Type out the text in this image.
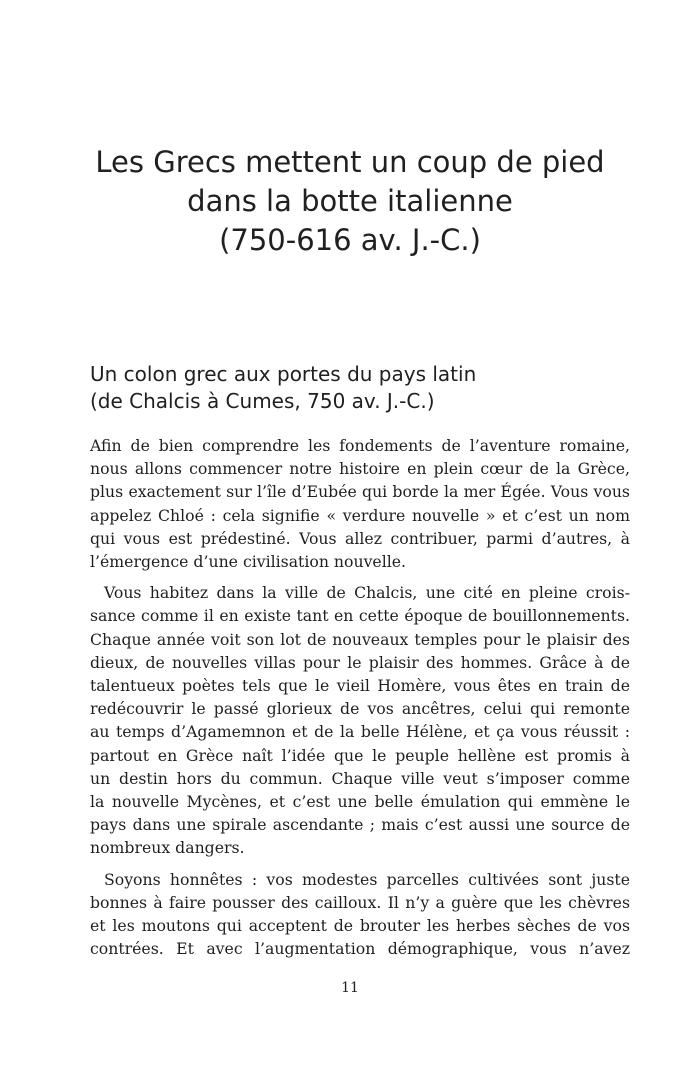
Les Grecs mettent un coup de pied
dans la botte italienne
(750-616 av. J.-C.)
Un colon grec aux portes du pays latin
(de Chalcis à Cumes, 750 av. J.-C.)

Afin de bien comprendre les fondements de l’aventure romaine,
nous allons commencer notre histoire en plein cœur de la Grèce,
plus exactement sur l’île d’Eubée qui borde la mer Égée. Vous vous
appelez Chloé : cela signifie « verdure nouvelle » et c’est un nom
qui vous est prédestiné. Vous allez contribuer, parmi d’autres, à
l’émergence d’une civilisation nouvelle.

Vous habitez dans la ville de Chalcis, une cité en pleine crois-
sance comme il en existe tant en cette époque de bouillonnements.
Chaque année voit son lot de nouveaux temples pour le plaisir des
dieux, de nouvelles villas pour le plaisir des hommes. Grâce à de
talentueux poètes tels que le vieil Homère, vous êtes en train de
redécouvrir le passé glorieux de vos ancêtres, celui qui remonte
au temps d’Agamemnon et de la belle Hélène, et ça vous réussit :
partout en Grèce naît l’idée que le peuple hellène est promis à
un destin hors du commun. Chaque ville veut s’imposer comme
la nouvelle Mycènes, et c’est une belle émulation qui emmène le
pays dans une spirale ascendante ; mais c’est aussi une source de
nombreux dangers.

Soyons honnêtes : vos modestes parcelles cultivées sont juste
bonnes à faire pousser des cailloux. Il n’y a guère que les chèvres
et les moutons qui acceptent de brouter les herbes sèches de vos
contrées. Et avec l’augmentation démographique, vous n’avez

11
